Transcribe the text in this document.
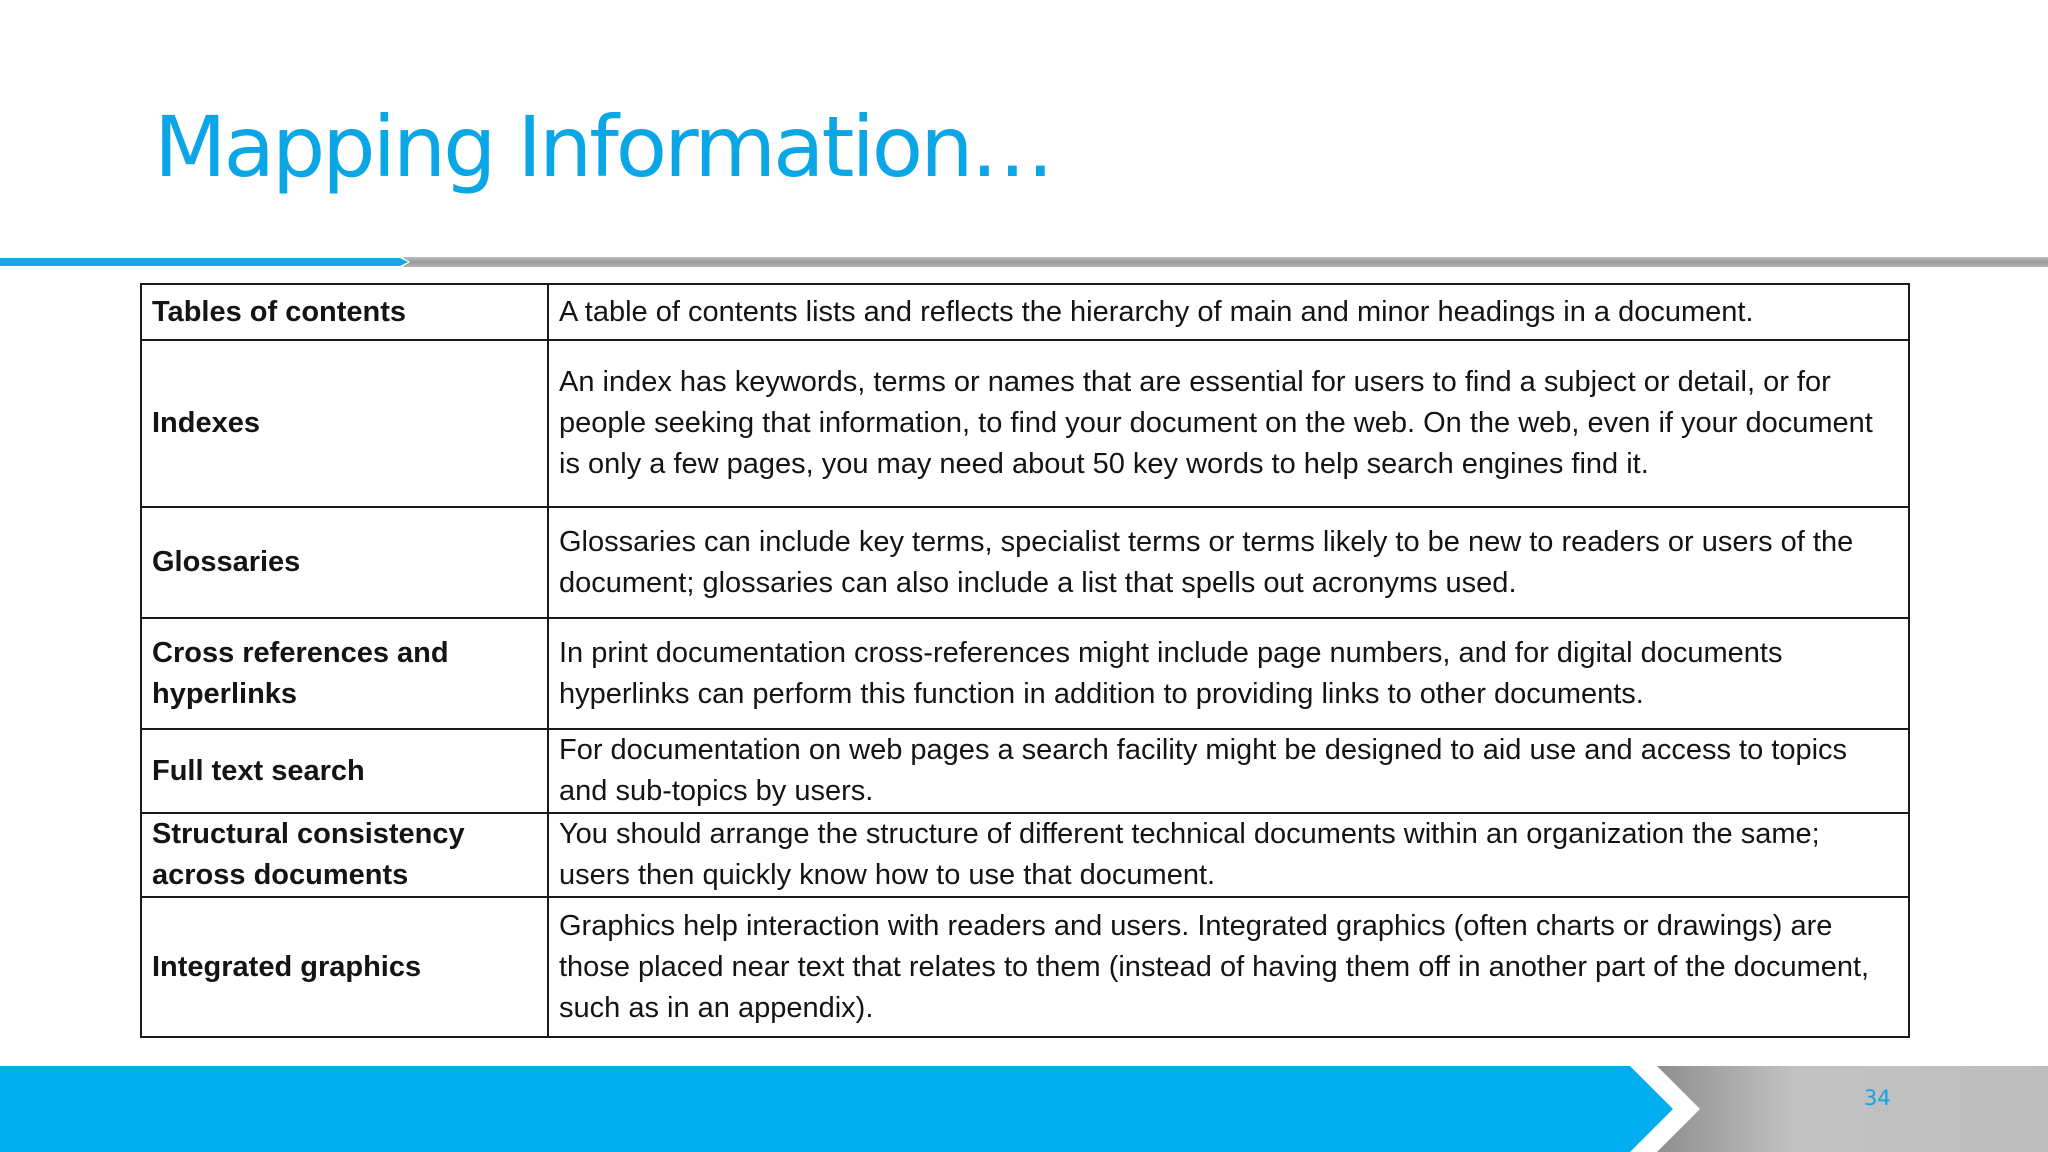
Mapping Information…
Tables of contents	A table of contents lists and reflects the hierarchy of main and minor headings in a document.
Indexes	An index has keywords, terms or names that are essential for users to find a subject or detail, or for people seeking that information, to find your document on the web. On the web, even if your document is only a few pages, you may need about 50 key words to help search engines find it.
Glossaries	Glossaries can include key terms, specialist terms or terms likely to be new to readers or users of the document; glossaries can also include a list that spells out acronyms used.
Cross references and hyperlinks	In print documentation cross-references might include page numbers, and for digital documents hyperlinks can perform this function in addition to providing links to other documents.
Full text search	For documentation on web pages a search facility might be designed to aid use and access to topics and sub-topics by users.
Structural consistency across documents	You should arrange the structure of different technical documents within an organization the same; users then quickly know how to use that document.
Integrated graphics	Graphics help interaction with readers and users. Integrated graphics (often charts or drawings) are those placed near text that relates to them (instead of having them off in another part of the document, such as in an appendix).
34
